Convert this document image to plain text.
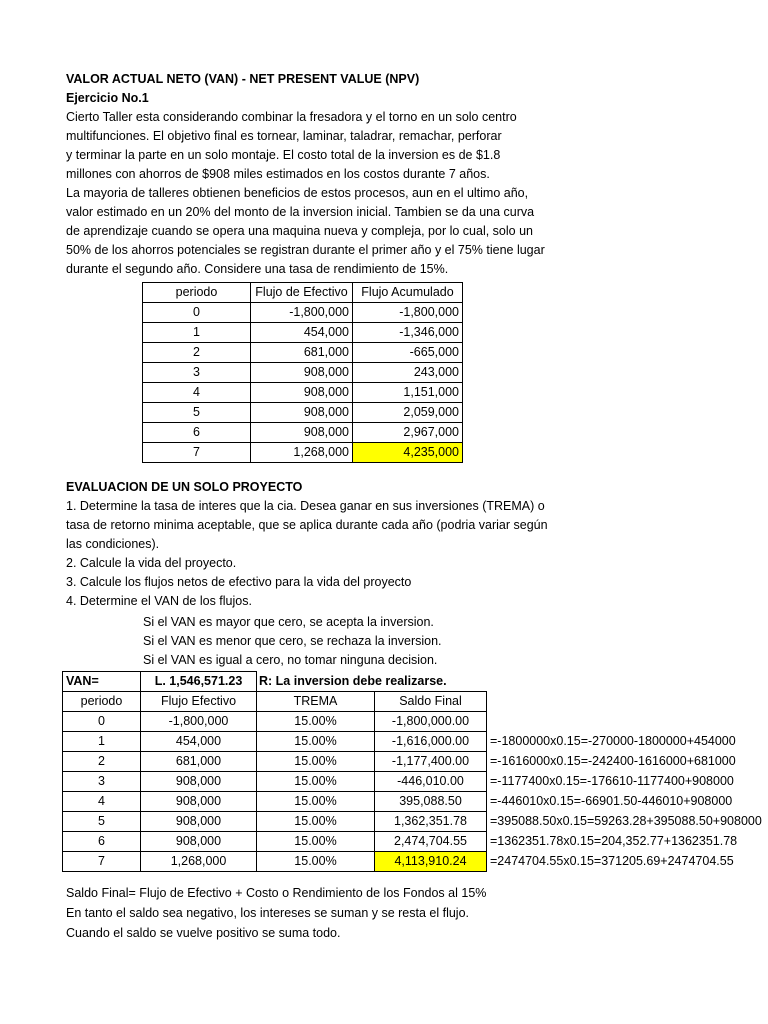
VALOR ACTUAL NETO (VAN) - NET PRESENT VALUE (NPV)
Ejercicio No.1
Cierto Taller esta considerando combinar la fresadora y el torno en un solo centro
multifunciones. El objetivo final es tornear, laminar, taladrar, remachar, perforar
y terminar la parte en un solo montaje. El costo total de la inversion es de $1.8
millones con ahorros de $908 miles estimados en los costos durante 7 años.
La mayoria de talleres obtienen beneficios de estos procesos, aun en el ultimo año,
valor estimado en un 20% del monto de la inversion inicial. Tambien se da una curva
de aprendizaje cuando se opera una maquina nueva y compleja, por lo cual, solo un
50% de los ahorros potenciales se registran durante el primer año y el 75% tiene lugar
durante el segundo año. Considere una tasa de rendimiento de 15%.
periodo	Flujo de Efectivo	Flujo Acumulado
0	-1,800,000	-1,800,000
1	454,000	-1,346,000
2	681,000	-665,000
3	908,000	243,000
4	908,000	1,151,000
5	908,000	2,059,000
6	908,000	2,967,000
7	1,268,000	4,235,000
EVALUACION DE UN SOLO PROYECTO
1. Determine la tasa de interes que la cia. Desea ganar en sus inversiones (TREMA) o
tasa de retorno minima aceptable, que se aplica durante cada año (podria variar según
las condiciones).
2. Calcule la vida del proyecto.
3. Calcule los flujos netos de efectivo para la vida del proyecto
4. Determine el VAN de los flujos.
Si el VAN es mayor que cero, se acepta la inversion.
Si el VAN es menor que cero, se rechaza la inversion.
Si el VAN es igual a cero, no tomar ninguna decision.
VAN=	L. 1,546,571.23	R: La inversion debe realizarse.		
periodo	Flujo Efectivo	TREMA	Saldo Final	
0	-1,800,000	15.00%	-1,800,000.00	
1	454,000	15.00%	-1,616,000.00	=-1800000x0.15=-270000-1800000+454000
2	681,000	15.00%	-1,177,400.00	=-1616000x0.15=-242400-1616000+681000
3	908,000	15.00%	-446,010.00	=-1177400x0.15=-176610-1177400+908000
4	908,000	15.00%	395,088.50	=-446010x0.15=-66901.50-446010+908000
5	908,000	15.00%	1,362,351.78	=395088.50x0.15=59263.28+395088.50+908000
6	908,000	15.00%	2,474,704.55	=1362351.78x0.15=204,352.77+1362351.78
7	1,268,000	15.00%	4,113,910.24	=2474704.55x0.15=371205.69+2474704.55
Saldo Final= Flujo de Efectivo + Costo o Rendimiento de los Fondos al 15%
En tanto el saldo sea negativo, los intereses se suman y se resta el flujo.
Cuando el saldo se vuelve positivo se suma todo.
